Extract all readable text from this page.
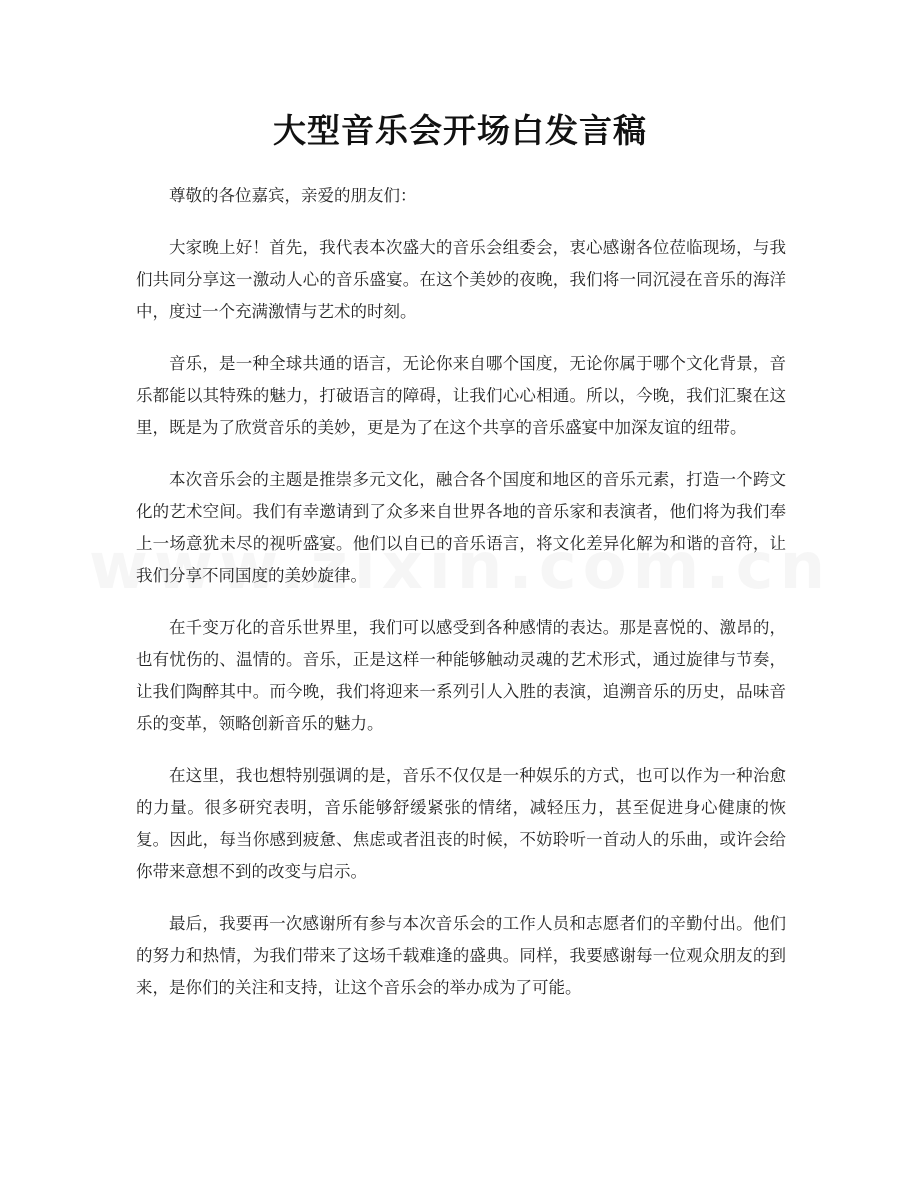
大型音乐会开场白发言稿

尊敬的各位嘉宾，亲爱的朋友们：

大家晚上好！首先，我代表本次盛大的音乐会组委会，衷心感谢各位莅临现场，与我们共同分享这一激动人心的音乐盛宴。在这个美妙的夜晚，我们将一同沉浸在音乐的海洋中，度过一个充满激情与艺术的时刻。

音乐，是一种全球共通的语言，无论你来自哪个国度，无论你属于哪个文化背景，音乐都能以其特殊的魅力，打破语言的障碍，让我们心心相通。所以，今晚，我们汇聚在这里，既是为了欣赏音乐的美妙，更是为了在这个共享的音乐盛宴中加深友谊的纽带。

本次音乐会的主题是推崇多元文化，融合各个国度和地区的音乐元素，打造一个跨文化的艺术空间。我们有幸邀请到了众多来自世界各地的音乐家和表演者，他们将为我们奉上一场意犹未尽的视听盛宴。他们以自已的音乐语言，将文化差异化解为和谐的音符，让我们分享不同国度的美妙旋律。

在千变万化的音乐世界里，我们可以感受到各种感情的表达。那是喜悦的、激昂的，也有忧伤的、温情的。音乐，正是这样一种能够触动灵魂的艺术形式，通过旋律与节奏，让我们陶醉其中。而今晚，我们将迎来一系列引人入胜的表演，追溯音乐的历史，品味音乐的变革，领略创新音乐的魅力。

在这里，我也想特别强调的是，音乐不仅仅是一种娱乐的方式，也可以作为一种治愈的力量。很多研究表明，音乐能够舒缓紧张的情绪，减轻压力，甚至促进身心健康的恢复。因此，每当你感到疲惫、焦虑或者沮丧的时候，不妨聆听一首动人的乐曲，或许会给你带来意想不到的改变与启示。

最后，我要再一次感谢所有参与本次音乐会的工作人员和志愿者们的辛勤付出。他们的努力和热情，为我们带来了这场千载难逢的盛典。同样，我要感谢每一位观众朋友的到来，是你们的关注和支持，让这个音乐会的举办成为了可能。
